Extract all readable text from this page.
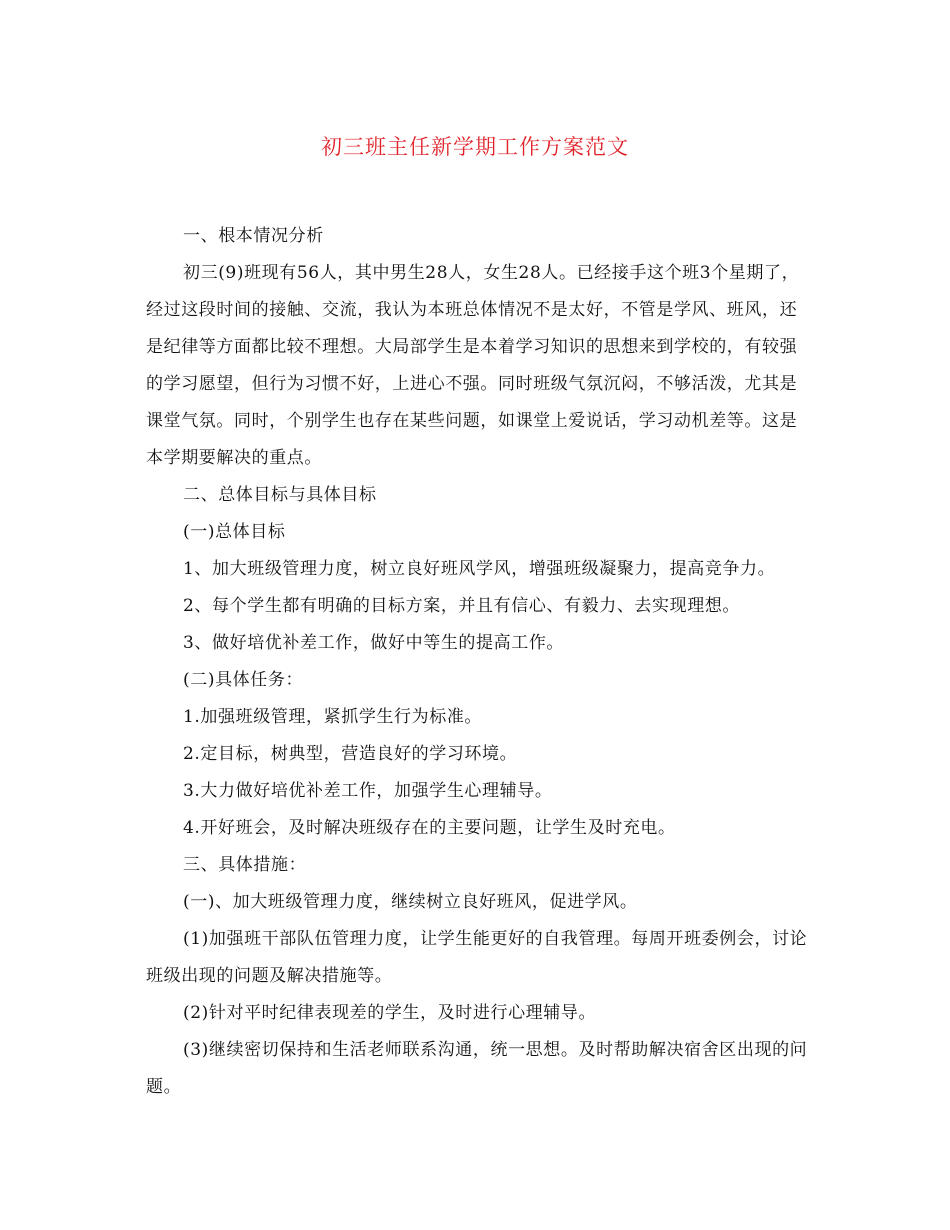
初三班主任新学期工作方案范文

一、根本情况分析

初三(9)班现有56人，其中男生28人，女生28人。已经接手这个班3个星期了，经过这段时间的接触、交流，我认为本班总体情况不是太好，不管是学风、班风，还是纪律等方面都比较不理想。大局部学生是本着学习知识的思想来到学校的，有较强的学习愿望，但行为习惯不好，上进心不强。同时班级气氛沉闷，不够活泼，尤其是课堂气氛。同时，个别学生也存在某些问题，如课堂上爱说话，学习动机差等。这是本学期要解决的重点。

二、总体目标与具体目标

(一)总体目标

1、加大班级管理力度，树立良好班风学风，增强班级凝聚力，提高竞争力。

2、每个学生都有明确的目标方案，并且有信心、有毅力、去实现理想。

3、做好培优补差工作，做好中等生的提高工作。

(二)具体任务：

1.加强班级管理，紧抓学生行为标准。

2.定目标，树典型，营造良好的学习环境。

3.大力做好培优补差工作，加强学生心理辅导。

4.开好班会，及时解决班级存在的主要问题，让学生及时充电。

三、具体措施：

(一)、加大班级管理力度，继续树立良好班风，促进学风。

(1)加强班干部队伍管理力度，让学生能更好的自我管理。每周开班委例会，讨论班级出现的问题及解决措施等。

(2)针对平时纪律表现差的学生，及时进行心理辅导。

(3)继续密切保持和生活老师联系沟通，统一思想。及时帮助解决宿舍区出现的问题。
